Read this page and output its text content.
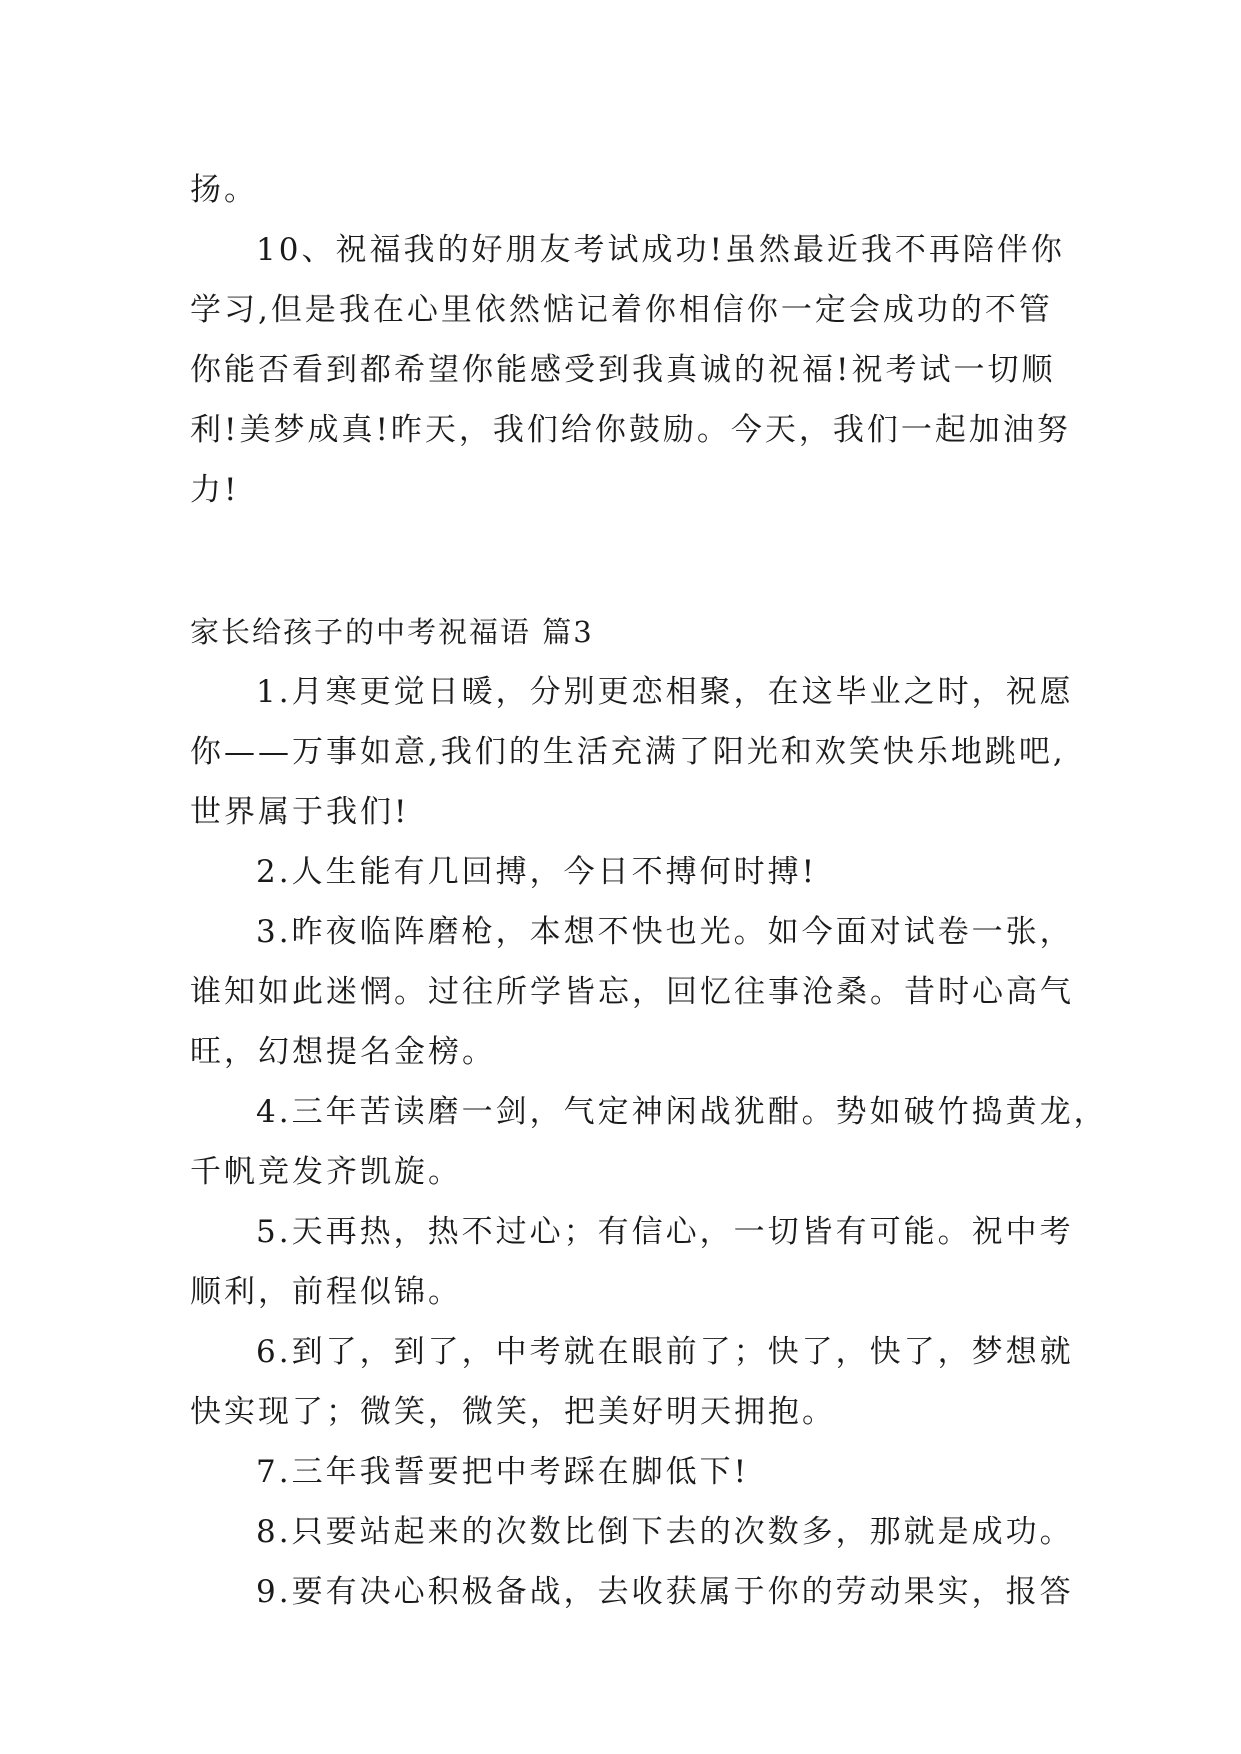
扬。
10、祝福我的好朋友考试成功!虽然最近我不再陪伴你
学习,但是我在心里依然惦记着你相信你一定会成功的不管
你能否看到都希望你能感受到我真诚的祝福!祝考试一切顺
利!美梦成真!昨天，我们给你鼓励。今天，我们一起加油努
力!
家长给孩子的中考祝福语 篇3
1.月寒更觉日暖，分别更恋相聚，在这毕业之时，祝愿
你——万事如意,我们的生活充满了阳光和欢笑快乐地跳吧,
世界属于我们!
2.人生能有几回搏，今日不搏何时搏!
3.昨夜临阵磨枪，本想不快也光。如今面对试卷一张，
谁知如此迷惘。过往所学皆忘，回忆往事沧桑。昔时心高气
旺，幻想提名金榜。
4.三年苦读磨一剑，气定神闲战犹酣。势如破竹捣黄龙，
千帆竞发齐凯旋。
5.天再热，热不过心；有信心，一切皆有可能。祝中考
顺利，前程似锦。
6.到了，到了，中考就在眼前了；快了，快了，梦想就
快实现了；微笑，微笑，把美好明天拥抱。
7.三年我誓要把中考踩在脚低下!
8.只要站起来的次数比倒下去的次数多，那就是成功。
9.要有决心积极备战，去收获属于你的劳动果实，报答
